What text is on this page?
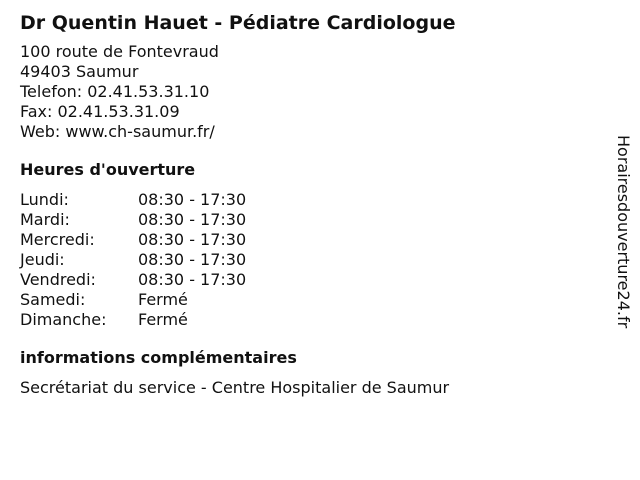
Dr Quentin Hauet - Pédiatre Cardiologue
100 route de Fontevraud
49403 Saumur
Telefon: 02.41.53.31.10
Fax: 02.41.53.31.09
Web: www.ch-saumur.fr/
Heures d'ouverture
Lundi:	08:30 - 17:30
Mardi:	08:30 - 17:30
Mercredi:	08:30 - 17:30
Jeudi:	08:30 - 17:30
Vendredi:	08:30 - 17:30
Samedi:	Fermé
Dimanche:	Fermé
informations complémentaires
Secrétariat du service - Centre Hospitalier de Saumur
Horairesdouverture24.fr
